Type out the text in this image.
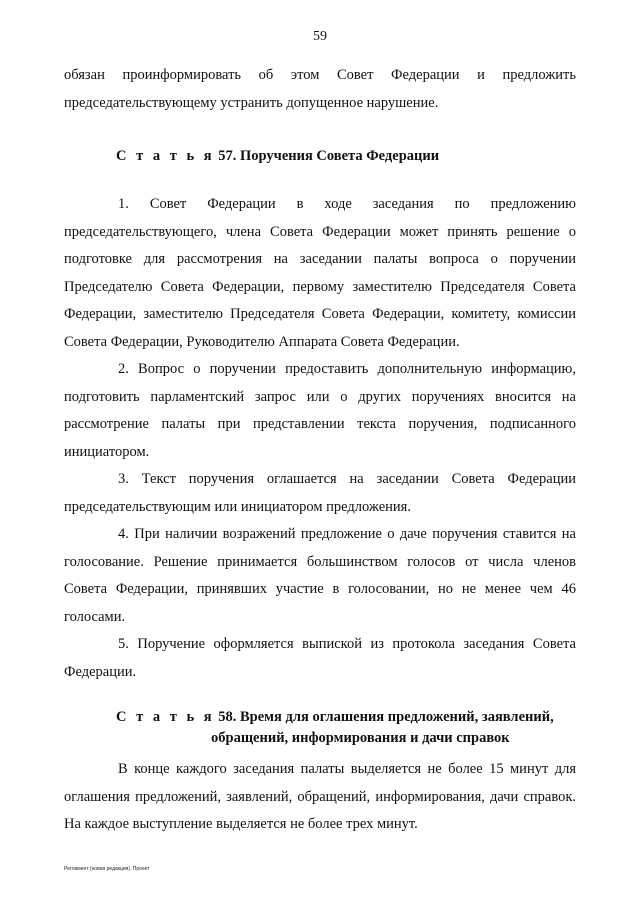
59

обязан проинформировать об этом Совет Федерации и предложить

председательствующему устранить допущенное нарушение.

С т а т ь я 57. Поручения Совета Федерации

1. Совет Федерации в ходе заседания по предложению председательствующего, члена Совета Федерации может принять решение о подготовке для рассмотрения на заседании палаты вопроса о поручении Председателю Совета Федерации, первому заместителю Председателя Совета Федерации, заместителю Председателя Совета Федерации, комитету, комиссии Совета Федерации, Руководителю Аппарата Совета Федерации.

2. Вопрос о поручении предоставить дополнительную информацию, подготовить парламентский запрос или о других поручениях вносится на рассмотрение палаты при представлении текста поручения, подписанного инициатором.

3. Текст поручения оглашается на заседании Совета Федерации председательствующим или инициатором предложения.

4. При наличии возражений предложение о даче поручения ставится на голосование. Решение принимается большинством голосов от числа членов Совета Федерации, принявших участие в голосовании, но не менее чем 46 голосами.

5. Поручение оформляется выпиской из протокола заседания Совета Федерации.

С т а т ь я 58. Время для оглашения предложений, заявлений,
обращений, информирования и дачи справок

В конце каждого заседания палаты выделяется не более 15 минут для оглашения предложений, заявлений, обращений, информирования, дачи справок. На каждое выступление выделяется не более трех минут.

Регламент (новая редакция). Проект
